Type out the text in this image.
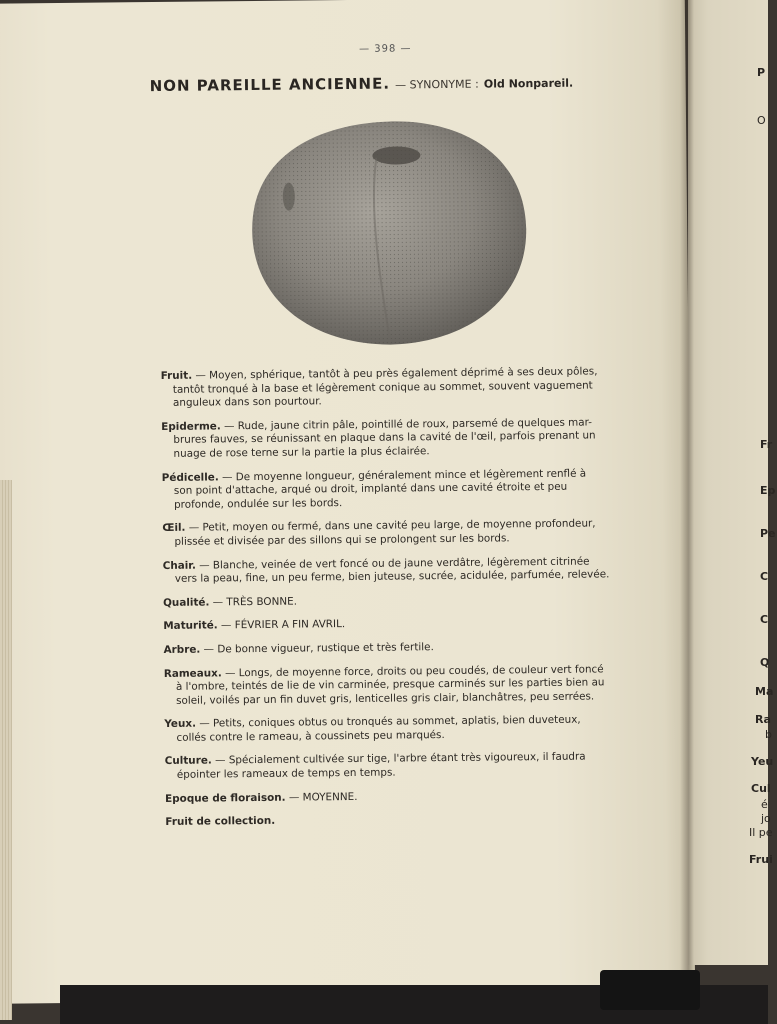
— 398 —
NON PAREILLE ANCIENNE. — SYNONYME : Old Nonpareil.
Fruit. — Moyen, sphérique, tantôt à peu près également déprimé à ses deux pôles,
tantôt tronqué à la base et légèrement conique au sommet, souvent vaguement anguleux dans son pourtour.
Epiderme. — Rude, jaune citrin pâle, pointillé de roux, parsemé de quelques mar-
brures fauves, se réunissant en plaque dans la cavité de l'œil, parfois prenant un nuage de rose terne sur la partie la plus éclairée.
Pédicelle. — De moyenne longueur, généralement mince et légèrement renflé à
son point d'attache, arqué ou droit, implanté dans une cavité étroite et peu profonde, ondulée sur les bords.
Œil. — Petit, moyen ou fermé, dans une cavité peu large, de moyenne profondeur,
plissée et divisée par des sillons qui se prolongent sur les bords.
Chair. — Blanche, veinée de vert foncé ou de jaune verdâtre, légèrement citrinée
vers la peau, fine, un peu ferme, bien juteuse, sucrée, acidulée, parfumée, relevée.
Qualité. — TRÈS BONNE.
Maturité. — FÉVRIER A FIN AVRIL.
Arbre. — De bonne vigueur, rustique et très fertile.
Rameaux. — Longs, de moyenne force, droits ou peu coudés, de couleur vert foncé
à l'ombre, teintés de lie de vin carminée, presque carminés sur les parties bien au soleil, voilés par un fin duvet gris, lenticelles gris clair, blanchâtres, peu serrées.
Yeux. — Petits, coniques obtus ou tronqués au sommet, aplatis, bien duveteux,
collés contre le rameau, à coussinets peu marqués.
Culture. — Spécialement cultivée sur tige, l'arbre étant très vigoureux, il faudra
épointer les rameaux de temps en temps.
Epoque de floraison. — MOYENNE.
Fruit de collection.
P
O
Fr
Ep
Pe
C
C
Q
Ma
Ra
b
Yeu
Cul
é
jo
Il pe
Frui
